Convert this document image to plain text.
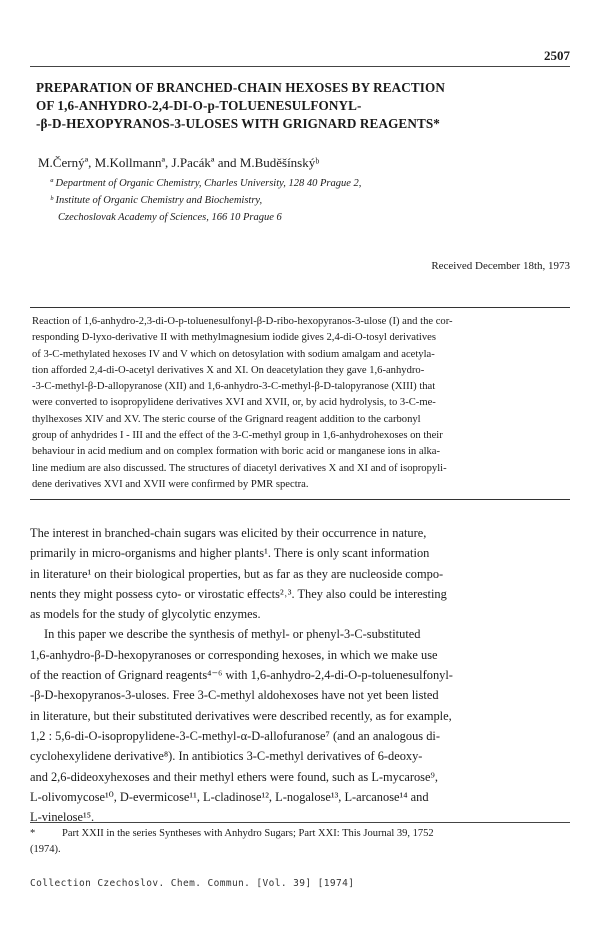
2507
PREPARATION OF BRANCHED-CHAIN HEXOSES BY REACTION
OF 1,6-ANHYDRO-2,4-DI-O-p-TOLUENESULFONYL-
-β-D-HEXOPYRANOS-3-ULOSES WITH GRIGNARD REAGENTS*
M.Černýª, M.Kollmannª, J.Pacákª and M.Buděšínskýᵇ
ª Department of Organic Chemistry, Charles University, 128 40 Prague 2,
ᵇ Institute of Organic Chemistry and Biochemistry,
Czechoslovak Academy of Sciences, 166 10 Prague 6
Received December 18th, 1973
Reaction of 1,6-anhydro-2,3-di-O-p-toluenesulfonyl-β-D-ribo-hexopyranos-3-ulose (I) and the cor-
responding D-lyxo-derivative II with methylmagnesium iodide gives 2,4-di-O-tosyl derivatives
of 3-C-methylated hexoses IV and V which on detosylation with sodium amalgam and acetyla-
tion afforded 2,4-di-O-acetyl derivatives X and XI. On deacetylation they gave 1,6-anhydro-
-3-C-methyl-β-D-allopyranose (XII) and 1,6-anhydro-3-C-methyl-β-D-talopyranose (XIII) that
were converted to isopropylidene derivatives XVI and XVII, or, by acid hydrolysis, to 3-C-me-
thylhexoses XIV and XV. The steric course of the Grignard reagent addition to the carbonyl
group of anhydrides I - III and the effect of the 3-C-methyl group in 1,6-anhydrohexoses on their
behaviour in acid medium and on complex formation with boric acid or manganese ions in alka-
line medium are also discussed. The structures of diacetyl derivatives X and XI and of isopropyli-
dene derivatives XVI and XVII were confirmed by PMR spectra.
The interest in branched-chain sugars was elicited by their occurrence in nature,
primarily in micro-organisms and higher plants¹. There is only scant information
in literature¹ on their biological properties, but as far as they are nucleoside compo-
nents they might possess cyto- or virostatic effects²˒³. They also could be interesting
as models for the study of glycolytic enzymes.
In this paper we describe the synthesis of methyl- or phenyl-3-C-substituted
1,6-anhydro-β-D-hexopyranoses or corresponding hexoses, in which we make use
of the reaction of Grignard reagents⁴⁻⁶ with 1,6-anhydro-2,4-di-O-p-toluenesulfonyl-
-β-D-hexopyranos-3-uloses. Free 3-C-methyl aldohexoses have not yet been listed
in literature, but their substituted derivatives were described recently, as for example,
1,2 : 5,6-di-O-isopropylidene-3-C-methyl-α-D-allofuranose⁷ (and an analogous di-
cyclohexylidene derivative⁸). In antibiotics 3-C-methyl derivatives of 6-deoxy-
and 2,6-dideoxyhexoses and their methyl ethers were found, such as L-mycarose⁹,
L-olivomycose¹⁰, D-evermicose¹¹, L-cladinose¹², L-nogalose¹³, L-arcanose¹⁴ and
L-vinelose¹⁵.
*	Part XXII in the series Syntheses with Anhydro Sugars; Part XXI: This Journal 39, 1752
(1974).
Collection Czechoslov. Chem. Commun. [Vol. 39] [1974]
